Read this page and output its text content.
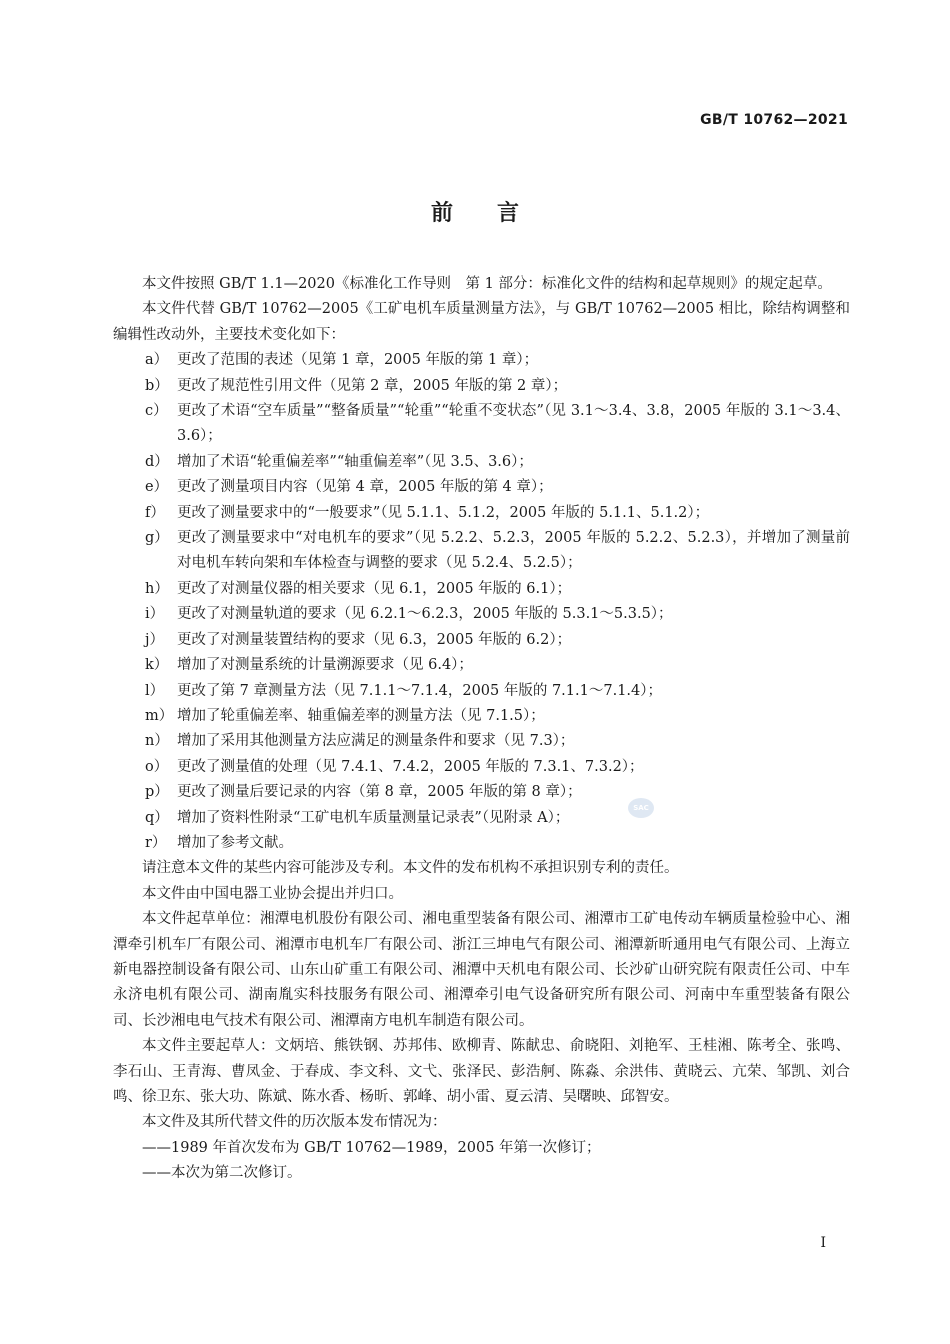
GB/T 10762—2021
前言

本文件按照 GB/T 1.1—2020《标准化工作导则　第 1 部分：标准化文件的结构和起草规则》的规定起草。

本文件代替 GB/T 10762—2005《工矿电机车质量测量方法》，与 GB/T 10762—2005 相比，除结构调整和编辑性改动外，主要技术变化如下：

a） 更改了范围的表述（见第 1 章，2005 年版的第 1 章）；
b） 更改了规范性引用文件（见第 2 章，2005 年版的第 2 章）；
c） 更改了术语“空车质量”“整备质量”“轮重”“轮重不变状态”（见 3.1～3.4、3.8，2005 年版的 3.1～3.4、3.6）；
d） 增加了术语“轮重偏差率”“轴重偏差率”（见 3.5、3.6）；
e） 更改了测量项目内容（见第 4 章，2005 年版的第 4 章）；
f） 更改了测量要求中的“一般要求”（见 5.1.1、5.1.2，2005 年版的 5.1.1、5.1.2）；
g） 更改了测量要求中“对电机车的要求”（见 5.2.2、5.2.3，2005 年版的 5.2.2、5.2.3），并增加了测量前对电机车转向架和车体检查与调整的要求（见 5.2.4、5.2.5）；
h） 更改了对测量仪器的相关要求（见 6.1，2005 年版的 6.1）；
i） 更改了对测量轨道的要求（见 6.2.1～6.2.3，2005 年版的 5.3.1～5.3.5）；
j） 更改了对测量装置结构的要求（见 6.3，2005 年版的 6.2）；
k） 增加了对测量系统的计量溯源要求（见 6.4）；
l） 更改了第 7 章测量方法（见 7.1.1～7.1.4，2005 年版的 7.1.1～7.1.4）；
m） 增加了轮重偏差率、轴重偏差率的测量方法（见 7.1.5）；
n） 增加了采用其他测量方法应满足的测量条件和要求（见 7.3）；
o） 更改了测量值的处理（见 7.4.1、7.4.2，2005 年版的 7.3.1、7.3.2）；
p） 更改了测量后要记录的内容（第 8 章，2005 年版的第 8 章）；
q） 增加了资料性附录“工矿电机车质量测量记录表”（见附录 A）；
r） 增加了参考文献。

请注意本文件的某些内容可能涉及专利。本文件的发布机构不承担识别专利的责任。

本文件由中国电器工业协会提出并归口。

本文件起草单位：湘潭电机股份有限公司、湘电重型装备有限公司、湘潭市工矿电传动车辆质量检验中心、湘潭牵引机车厂有限公司、湘潭市电机车厂有限公司、浙江三坤电气有限公司、湘潭新昕通用电气有限公司、上海立新电器控制设备有限公司、山东山矿重工有限公司、湘潭中天机电有限公司、长沙矿山研究院有限责任公司、中车永济电机有限公司、湖南胤实科技服务有限公司、湘潭牵引电气设备研究所有限公司、河南中车重型装备有限公司、长沙湘电电气技术有限公司、湘潭南方电机车制造有限公司。

本文件主要起草人：文炳培、熊铁钢、苏邦伟、欧柳青、陈献忠、俞晓阳、刘艳军、王桂湘、陈考全、张鸣、李石山、王青海、曹凤金、于春成、李文科、文弋、张泽民、彭浩舸、陈淼、余洪伟、黄晓云、亢荣、邹凯、刘合鸣、徐卫东、张大功、陈斌、陈水香、杨昕、郭峰、胡小雷、夏云清、吴曙映、邱智安。

本文件及其所代替文件的历次版本发布情况为：

——1989 年首次发布为 GB/T 10762—1989，2005 年第一次修订；

——本次为第二次修订。

SAC
Ⅰ
